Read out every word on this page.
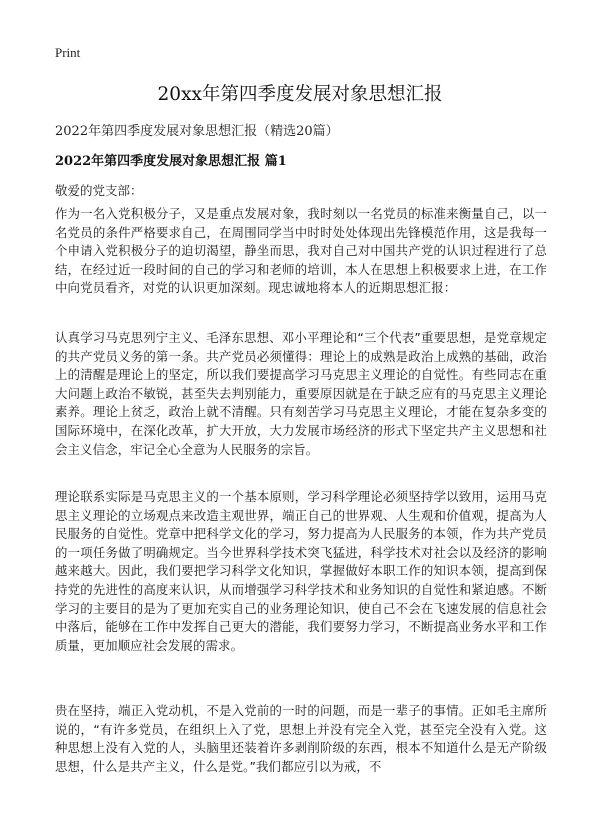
Print
20xx年第四季度发展对象思想汇报
2022年第四季度发展对象思想汇报（精选20篇）
2022年第四季度发展对象思想汇报 篇1
敬爱的党支部：
作为一名入党积极分子，又是重点发展对象，我时刻以一名党员的标准来衡量自己，以一名党员的条件严格要求自己，在周围同学当中时时处处体现出先锋模范作用，这是我每一个申请入党积极分子的迫切渴望，静坐而思，我对自己对中国共产党的认识过程进行了总结，在经过近一段时间的自己的学习和老师的培训，本人在思想上积极要求上进，在工作中向党员看齐，对党的认识更加深刻。现忠诚地将本人的近期思想汇报：
认真学习马克思列宁主义、毛泽东思想、邓小平理论和“三个代表”重要思想，是党章规定的共产党员义务的第一条。共产党员必须懂得：理论上的成熟是政治上成熟的基础，政治上的清醒是理论上的坚定，所以我们要提高学习马克思主义理论的自觉性。有些同志在重大问题上政治不敏锐，甚至失去判别能力，重要原因就是在于缺乏应有的马克思主义理论素养。理论上贫乏，政治上就不清醒。只有刻苦学习马克思主义理论，才能在复杂多变的国际环境中，在深化改革，扩大开放，大力发展市场经济的形式下坚定共产主义思想和社会主义信念，牢记全心全意为人民服务的宗旨。
理论联系实际是马克思主义的一个基本原则，学习科学理论必须坚持学以致用，运用马克思主义理论的立场观点来改造主观世界，端正自己的世界观、人生观和价值观，提高为人民服务的自觉性。党章中把科学文化的学习，努力提高为人民服务的本领，作为共产党员的一项任务做了明确规定。当今世界科学技术突飞猛进，科学技术对社会以及经济的影响越来越大。因此，我们要把学习科学文化知识，掌握做好本职工作的知识本领，提高到保持党的先进性的高度来认识，从而增强学习科学技术和业务知识的自觉性和紧迫感。不断学习的主要目的是为了更加充实自己的业务理论知识，使自己不会在飞速发展的信息社会中落后，能够在工作中发挥自己更大的潜能，我们要努力学习，不断提高业务水平和工作质量，更加顺应社会发展的需求。
贵在坚持，端正入党动机，不是入党前的一时的问题，而是一辈子的事情。正如毛主席所说的，“有许多党员，在组织上入了党，思想上并没有完全入党，甚至完全没有入党。这种思想上没有入党的人，头脑里还装着许多剥削阶级的东西，根本不知道什么是无产阶级思想，什么是共产主义，什么是党。”我们都应引以为戒，不
